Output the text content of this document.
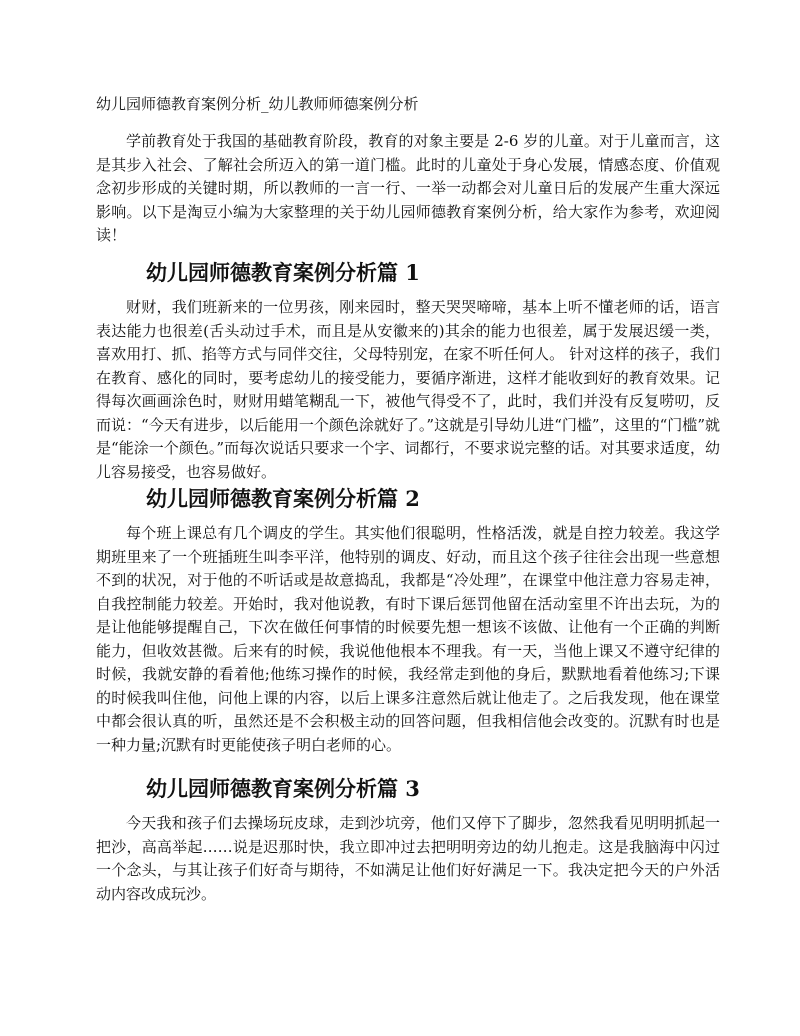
幼儿园师德教育案例分析_幼儿教师师德案例分析

学前教育处于我国的基础教育阶段，教育的对象主要是 2-6 岁的儿童。对于儿童而言，这是其步入社会、了解社会所迈入的第一道门槛。此时的儿童处于身心发展，情感态度、价值观念初步形成的关键时期，所以教师的一言一行、一举一动都会对儿童日后的发展产生重大深远影响。以下是淘豆小编为大家整理的关于幼儿园师德教育案例分析，给大家作为参考，欢迎阅读！

幼儿园师德教育案例分析篇 1

财财，我们班新来的一位男孩，刚来园时，整天哭哭啼啼，基本上听不懂老师的话，语言表达能力也很差(舌头动过手术，而且是从安徽来的)其余的能力也很差，属于发展迟缓一类，喜欢用打、抓、掐等方式与同伴交往，父母特别宠，在家不听任何人。 针对这样的孩子，我们在教育、感化的同时，要考虑幼儿的接受能力，要循序渐进，这样才能收到好的教育效果。记得每次画画涂色时，财财用蜡笔糊乱一下，被他气得受不了，此时，我们并没有反复唠叨，反而说：“今天有进步，以后能用一个颜色涂就好了。”这就是引导幼儿进“门槛”，这里的“门槛”就是“能涂一个颜色。”而每次说话只要求一个字、词都行，不要求说完整的话。对其要求适度，幼儿容易接受，也容易做好。

幼儿园师德教育案例分析篇 2

每个班上课总有几个调皮的学生。其实他们很聪明，性格活泼，就是自控力较差。我这学期班里来了一个班插班生叫李平洋，他特别的调皮、好动，而且这个孩子往往会出现一些意想不到的状况，对于他的不听话或是故意捣乱，我都是“冷处理”，在课堂中他注意力容易走神，自我控制能力较差。开始时，我对他说教，有时下课后惩罚他留在活动室里不许出去玩，为的是让他能够提醒自己，下次在做任何事情的时候要先想一想该不该做、让他有一个正确的判断能力，但收效甚微。后来有的时候，我说他他根本不理我。有一天，当他上课又不遵守纪律的时候，我就安静的看着他;他练习操作的时候，我经常走到他的身后，默默地看着他练习;下课的时候我叫住他，问他上课的内容，以后上课多注意然后就让他走了。之后我发现，他在课堂中都会很认真的听，虽然还是不会积极主动的回答问题，但我相信他会改变的。沉默有时也是一种力量;沉默有时更能使孩子明白老师的心。

幼儿园师德教育案例分析篇 3

今天我和孩子们去操场玩皮球，走到沙坑旁，他们又停下了脚步，忽然我看见明明抓起一把沙，高高举起……说是迟那时快，我立即冲过去把明明旁边的幼儿抱走。这是我脑海中闪过一个念头，与其让孩子们好奇与期待，不如满足让他们好好满足一下。我决定把今天的户外活动内容改成玩沙。
